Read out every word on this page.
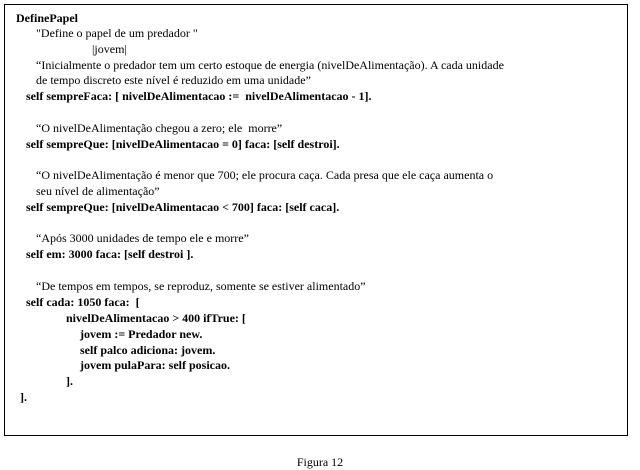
DefinePapel
"Define o papel de um predador "
|jovem|
“Inicialmente o predador tem um certo estoque de energia (nivelDeAlimentação). A cada unidade
de tempo discreto este nível é reduzido em uma unidade”
self sempreFaca: [ nivelDeAlimentacao :=  nivelDeAlimentacao - 1].
“O nivelDeAlimentação chegou a zero; ele  morre”
self sempreQue: [nivelDeAlimentacao = 0] faca: [self destroi].
“O nivelDeAlimentação é menor que 700; ele procura caça. Cada presa que ele caça aumenta o
seu nível de alimentação”
self sempreQue: [nivelDeAlimentacao < 700] faca: [self caca].
“Após 3000 unidades de tempo ele e morre”
self em: 3000 faca: [self destroi ].
“De tempos em tempos, se reproduz, somente se estiver alimentado”
self cada: 1050 faca:  [
nivelDeAlimentacao > 400 ifTrue: [
jovem := Predador new.
self palco adiciona: jovem.
jovem pulaPara: self posicao.
].
].
Figura 12
